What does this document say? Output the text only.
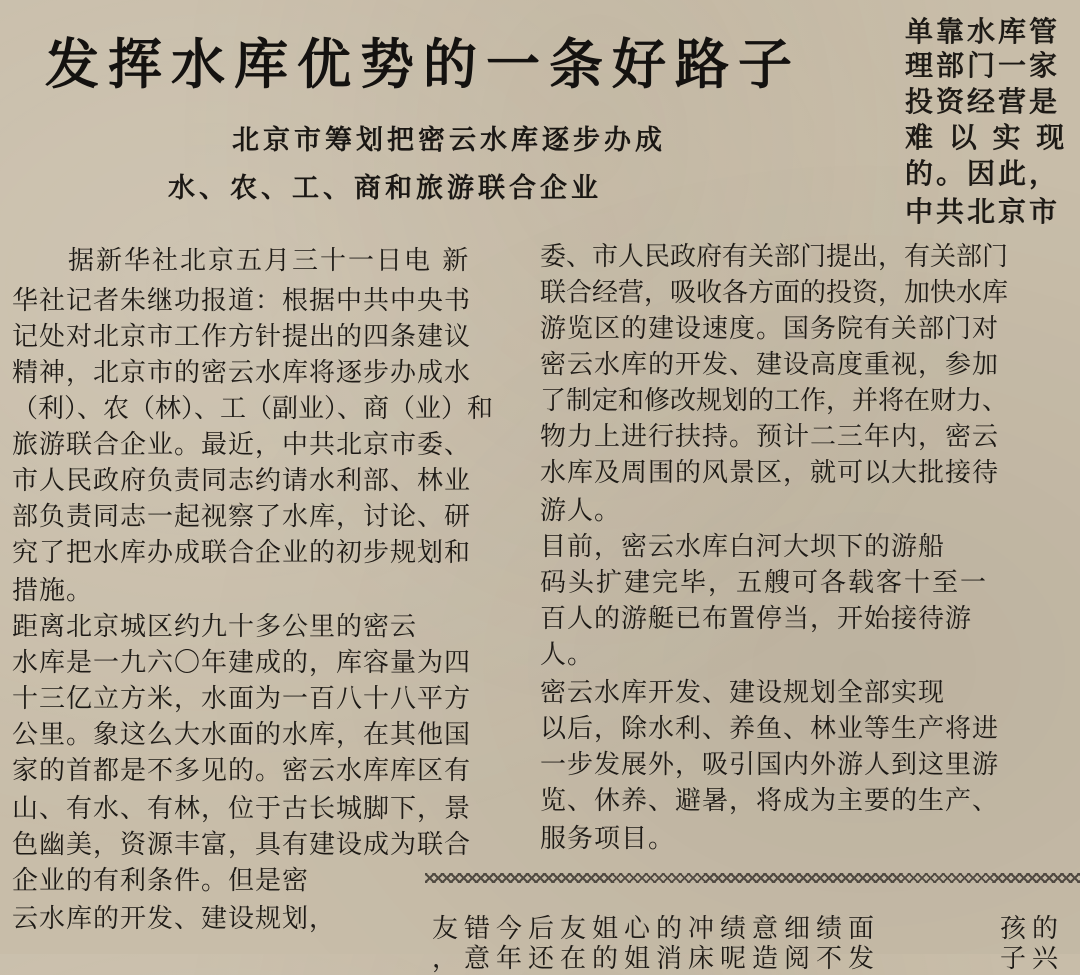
发挥水库优势的一条好路子
北京市筹划把密云水库逐步办成
水、农、工、商和旅游联合企业
单靠水库管
理部门一家
投资经营是
难 以 实 现
的。因此，
中共北京市
据新华社北京五月三十一日电 新
华社记者朱继功报道：根据中共中央书
记处对北京市工作方针提出的四条建议
精神，北京市的密云水库将逐步办成水
（利）、农（林）、工（副业）、商（业）和
旅游联合企业。最近，中共北京市委、
市人民政府负责同志约请水利部、林业
部负责同志一起视察了水库，讨论、研
究了把水库办成联合企业的初步规划和
措施。
距离北京城区约九十多公里的密云
水库是一九六〇年建成的，库容量为四
十三亿立方米，水面为一百八十八平方
公里。象这么大水面的水库，在其他国
家的首都是不多见的。密云水库库区有
山、有水、有林，位于古长城脚下，景
色幽美，资源丰富，具有建设成为联合
企业的有利条件。但是密
云水库的开发、建设规划，
委、市人民政府有关部门提出，有关部门
联合经营，吸收各方面的投资，加快水库
游览区的建设速度。国务院有关部门对
密云水库的开发、建设高度重视，参加
了制定和修改规划的工作，并将在财力、
物力上进行扶持。预计二三年内，密云
水库及周围的风景区，就可以大批接待
游人。
目前，密云水库白河大坝下的游船
码头扩建完毕，五艘可各载客十至一
百人的游艇已布置停当，开始接待游
人。
密云水库开发、建设规划全部实现
以后，除水利、养鱼、林业等生产将进
一步发展外，吸引国内外游人到这里游
览、休养、避暑，将成为主要的生产、
服务项目。
友错今后友姐心的冲绩意细绩面
，意年还在的姐消床呢造阅不发
孩的
子兴
